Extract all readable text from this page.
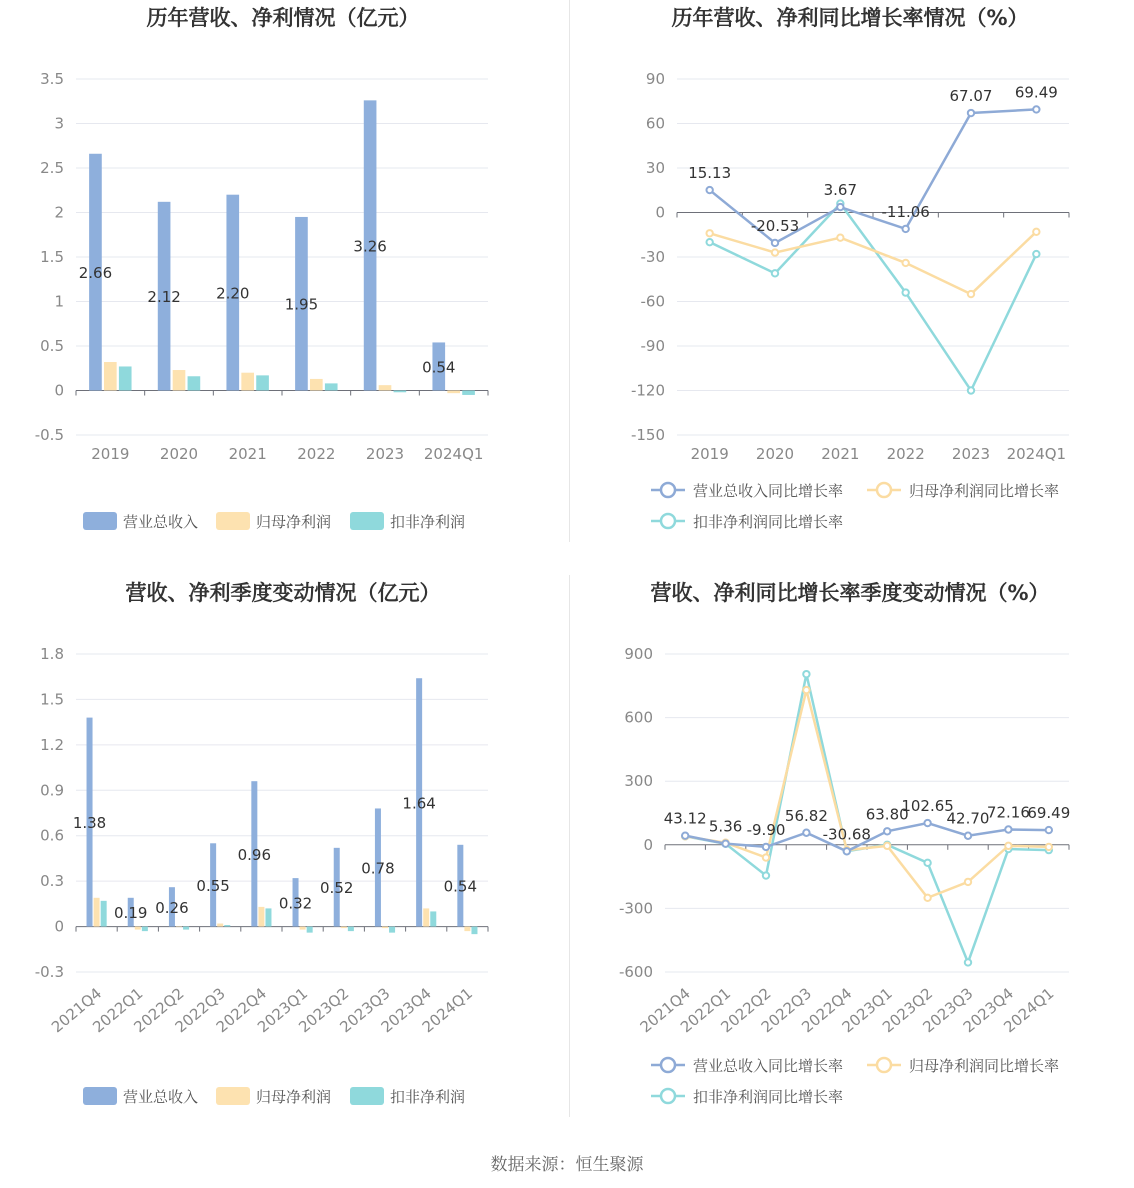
历年营收、净利情况（亿元）
-0.5
0
0.5
1
1.5
2
2.5
3
3.5
2019 2020 2021 2022 2023 2024Q1
2.66
2.12 2.20
1.95
3.26
0.54
营业总收入	归母净利润	扣非净利润
历年营收、净利同比增长率情况（%）
-150
-120
-90
-60
-30
0
30
60
90
2019 2020 2021 2022 2023 2024Q1
15.13
-20.53
3.67
-11.06
67.07 69.49
营业总收入同比增长率	归母净利润同比增长率
扣非净利润同比增长率
营收、净利季度变动情况（亿元）
-0.3
0
0.3
0.6
0.9
1.2
1.5
1.8
2021Q4
2022Q1
2022Q2
2022Q3
2022Q4
2023Q1
2023Q2
2023Q3
2023Q4
2024Q1
1.38
0.19 0.26
0.55
0.96
0.32
0.52
0.78
1.64
0.54
营业总收入	归母净利润	扣非净利润
营收、净利同比增长率季度变动情况（%）
-600
-300
0
300
600
900
2021Q4
2022Q1
2022Q2
2022Q3
2022Q4
2023Q1
2023Q2
2023Q3
2023Q4
2024Q1
43.12 5.36 -9.90
56.82
-30.68
63.80
102.65
42.70
72.16
69.49
营业总收入同比增长率	归母净利润同比增长率
扣非净利润同比增长率
数据来源：恒生聚源
